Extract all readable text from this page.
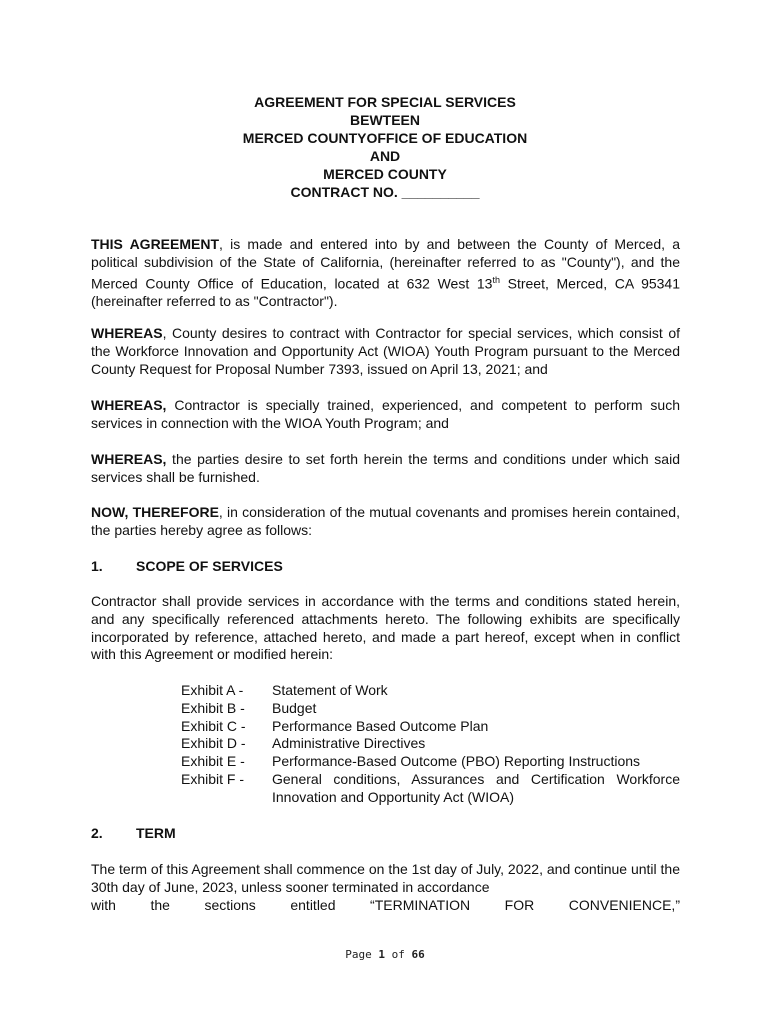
AGREEMENT FOR SPECIAL SERVICES
BEWTEEN
MERCED COUNTYOFFICE OF EDUCATION
AND
MERCED COUNTY
CONTRACT NO. __________

THIS AGREEMENT, is made and entered into by and between the County of Merced, a political subdivision of the State of California, (hereinafter referred to as "County"), and the Merced County Office of Education, located at 632 West 13th Street, Merced, CA 95341 (hereinafter referred to as "Contractor").

WHEREAS, County desires to contract with Contractor for special services, which consist of the Workforce Innovation and Opportunity Act (WIOA) Youth Program pursuant to the Merced County Request for Proposal Number 7393, issued on April 13, 2021; and

WHEREAS, Contractor is specially trained, experienced, and competent to perform such services in connection with the WIOA Youth Program; and

WHEREAS, the parties desire to set forth herein the terms and conditions under which said services shall be furnished.

NOW, THEREFORE, in consideration of the mutual covenants and promises herein contained, the parties hereby agree as follows:

1. SCOPE OF SERVICES

Contractor shall provide services in accordance with the terms and conditions stated herein, and any specifically referenced attachments hereto. The following exhibits are specifically incorporated by reference, attached hereto, and made a part hereof, except when in conflict with this Agreement or modified herein:

Exhibit A -	Statement of Work
Exhibit B -	Budget
Exhibit C -	Performance Based Outcome Plan
Exhibit D -	Administrative Directives
Exhibit E -	Performance-Based Outcome (PBO) Reporting Instructions
Exhibit F -	General conditions, Assurances and Certification Workforce Innovation and Opportunity Act (WIOA)
2. TERM

The term of this Agreement shall commence on the 1st day of July, 2022, and continue until the 30th day of June, 2023, unless sooner terminated in accordance

with the sections entitled “TERMINATION FOR CONVENIENCE,”

Page 1 of 66
